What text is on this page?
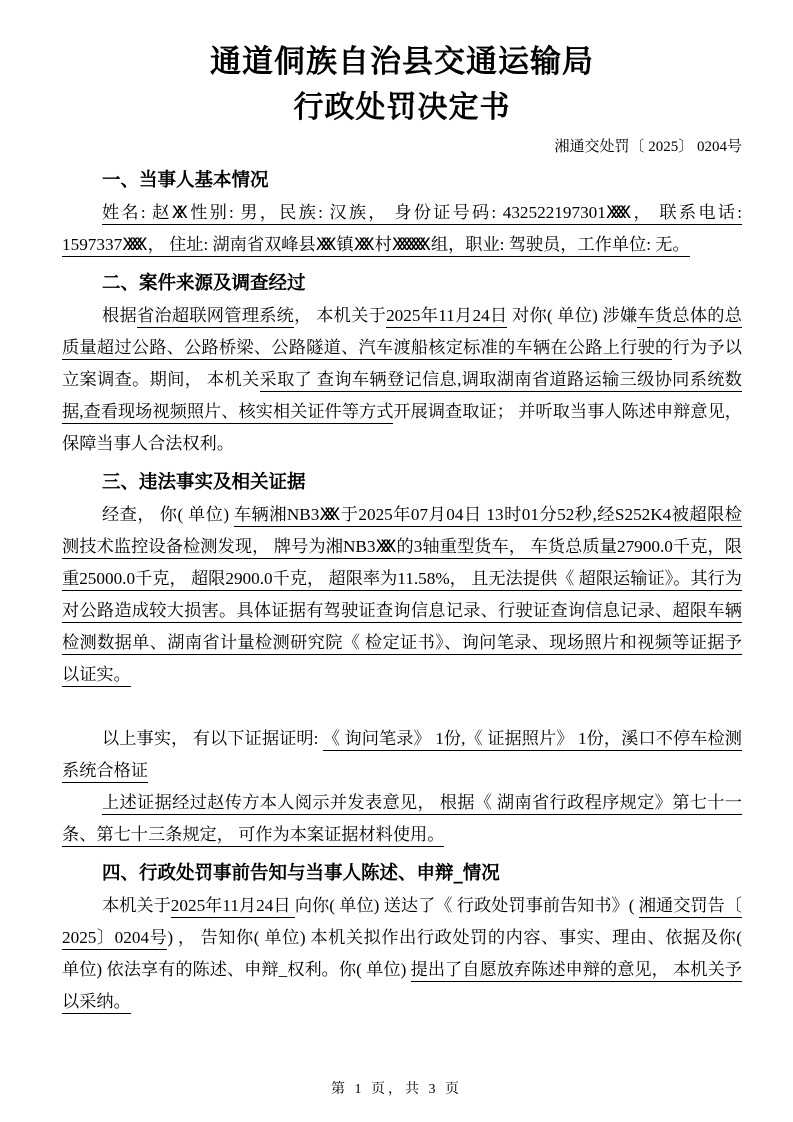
通道侗族自治县交通运输局
行政处罚决定书
湘通交处罚〔 2025〕 0204号
一、当事人基本情况

姓名: 赵XX 性别: 男，民族: 汉族， 身份证号码: 432522197301XXXX ， 联系电话: 1597337XXXX ， 住址: 湖南省双峰县XXX 镇XXX 村XXXXXXX 组，职业: 驾驶员，工作单位: 无。

二、案件来源及调查经过

根据省治超联网管理系统， 本机关于2025年11月24日 对你( 单位) 涉嫌车货总体的总质量超过公路、公路桥梁、公路隧道、汽车渡船核定标准的车辆在公路上行驶的行为予以立案调查。期间， 本机关采取了 查询车辆登记信息,调取湖南省道路运输三级协同系统数据,查看现场视频照片、核实相关证件等方式开展调查取证； 并听取当事人陈述申辩意见， 保障当事人合法权利。

三、违法事实及相关证据

经查， 你( 单位) 车辆湘NB3XXX 于2025年07月04日 13时01分52秒,经S252K4被超限检测技术监控设备检测发现， 牌号为湘NB3XXX 的3轴重型货车， 车货总质量27900.0千克，限重25000.0千克， 超限2900.0千克， 超限率为11.58%， 且无法提供《 超限运输证》。其行为对公路造成较大损害。具体证据有驾驶证查询信息记录、行驶证查询信息记录、超限车辆检测数据单、湖南省计量检测研究院《 检定证书》、询问笔录、现场照片和视频等证据予以证实。

以上事实， 有以下证据证明: 《 询问笔录》 1份,《 证据照片》 1份，溪口不停车检测系统合格证

上述证据经过赵传方本人阅示并发表意见， 根据《 湖南省行政程序规定》第七十一条、第七十三条规定， 可作为本案证据材料使用。

四、行政处罚事前告知与当事人陈述、申辩_情况

本机关于2025年11月24日 向你( 单位) 送达了《 行政处罚事前告知书》( 湘通交罚告〔 2025〕0204号) ， 告知你( 单位) 本机关拟作出行政处罚的内容、事实、理由、依据及你( 单位) 依法享有的陈述、申辩_权利。你( 单位) 提出了自愿放弃陈述申辩的意见， 本机关予以采纳。

第 1 页，共 3 页
